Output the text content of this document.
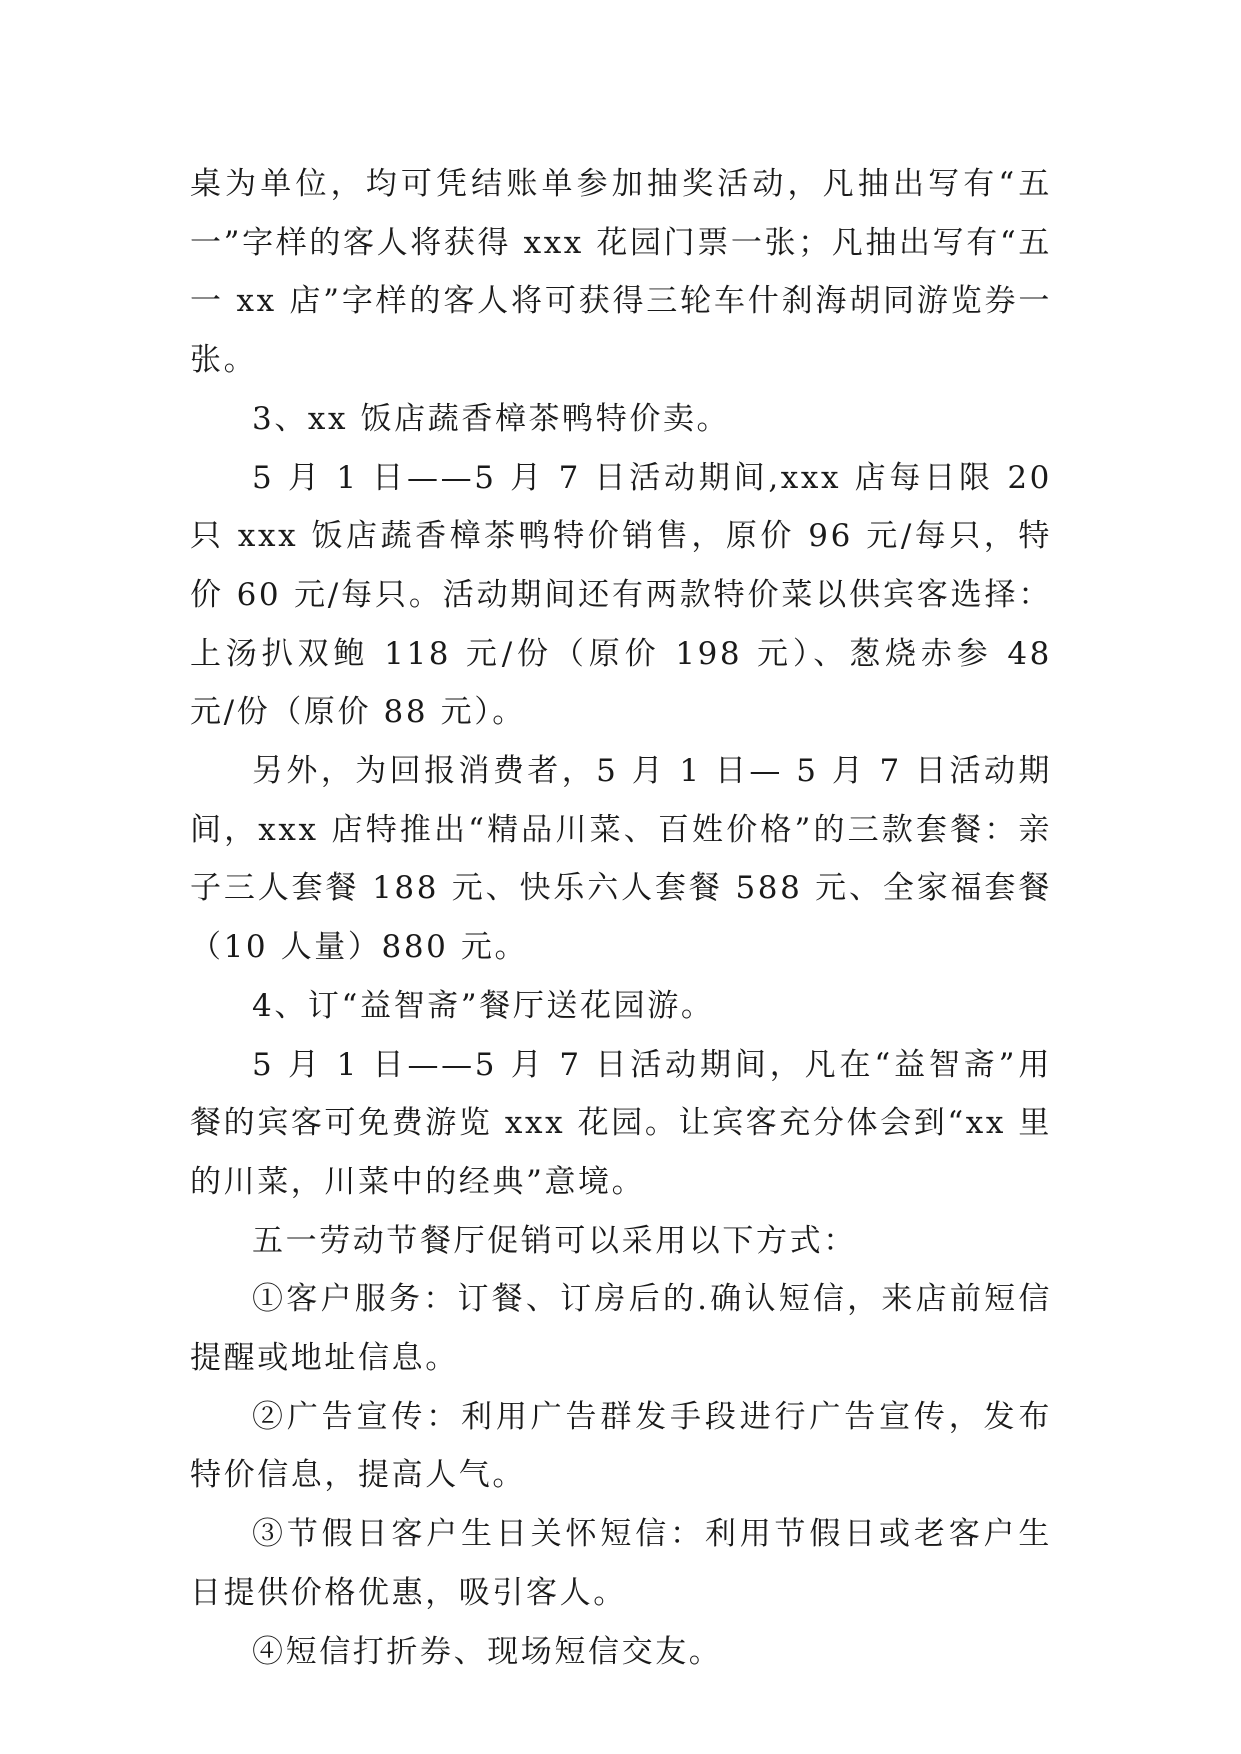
桌为单位，均可凭结账单参加抽奖活动，凡抽出写有“五一”字样的客人将获得 xxx 花园门票一张；凡抽出写有“五一 xx 店”字样的客人将可获得三轮车什刹海胡同游览券一张。

3、xx 饭店蔬香樟茶鸭特价卖。

5 月 1 日——5 月 7 日活动期间,xxx 店每日限 20 只 xxx 饭店蔬香樟茶鸭特价销售，原价 96 元/每只，特价 60 元/每只。活动期间还有两款特价菜以供宾客选择：上汤扒双鲍 118 元/份（原价 198 元）、葱烧赤参 48 元/份（原价 88 元）。

另外，为回报消费者，5 月 1 日— 5 月 7 日活动期间，xxx 店特推出“精品川菜、百姓价格”的三款套餐：亲子三人套餐 188 元、快乐六人套餐 588 元、全家福套餐（10 人量）880 元。

4、订“益智斋”餐厅送花园游。

5 月 1 日——5 月 7 日活动期间，凡在“益智斋”用餐的宾客可免费游览 xxx 花园。让宾客充分体会到“xx 里的川菜，川菜中的经典”意境。

五一劳动节餐厅促销可以采用以下方式：

①客户服务：订餐、订房后的.确认短信，来店前短信提醒或地址信息。

②广告宣传：利用广告群发手段进行广告宣传，发布特价信息，提高人气。

③节假日客户生日关怀短信：利用节假日或老客户生日提供价格优惠，吸引客人。

④短信打折券、现场短信交友。
